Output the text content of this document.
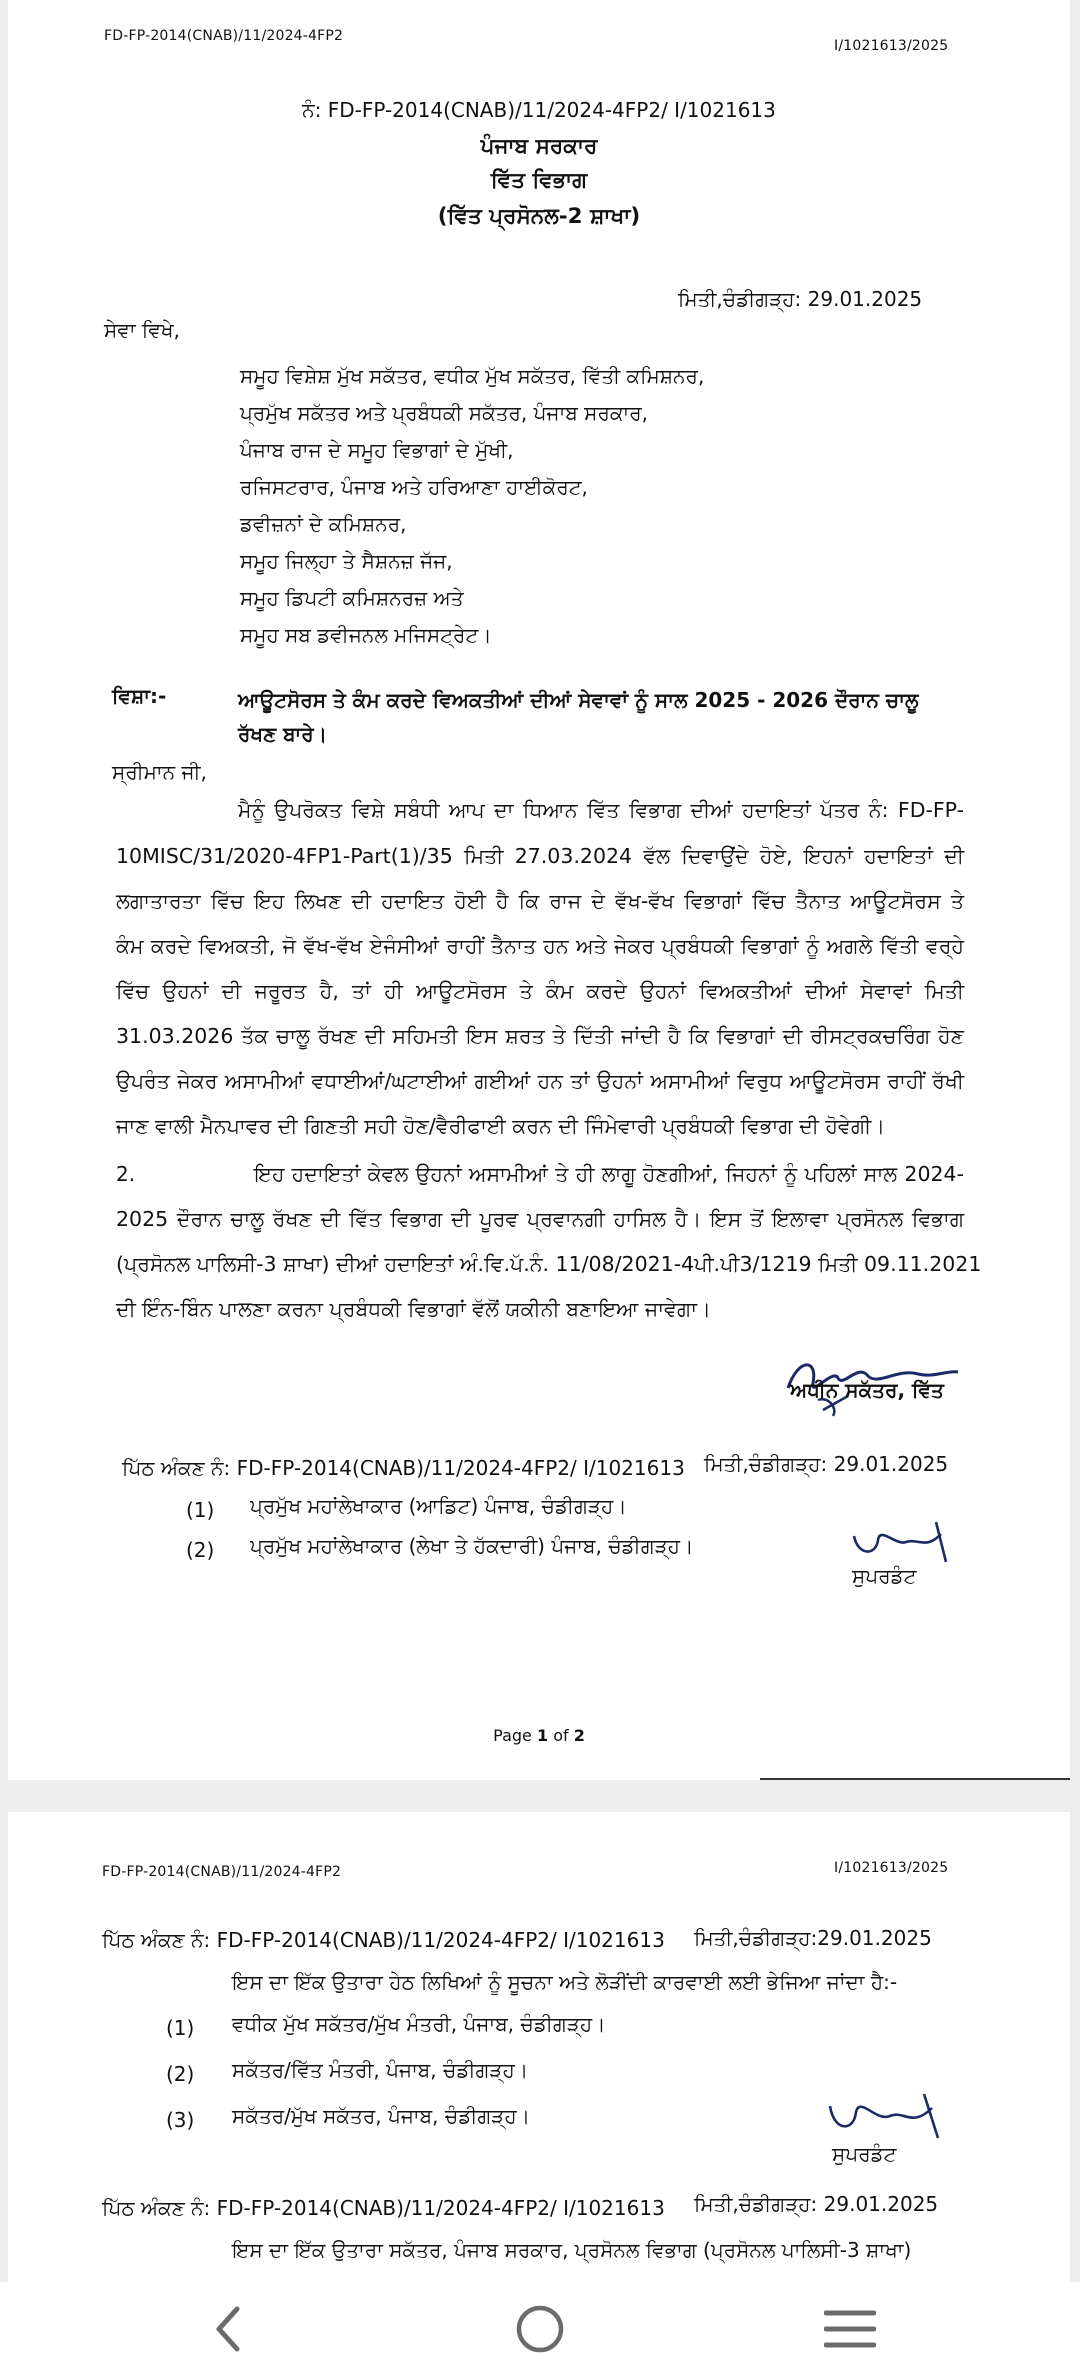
FD-FP-2014(CNAB)/11/2024-4FP2
I/1021613/2025
ਨੰ: FD-FP-2014(CNAB)/11/2024-4FP2/ I/1021613
ਪੰਜਾਬ ਸਰਕਾਰ
ਵਿੱਤ ਵਿਭਾਗ
(ਵਿੱਤ ਪ੍ਰਸੋਨਲ-2 ਸ਼ਾਖਾ)
ਮਿਤੀ,ਚੰਡੀਗੜ੍ਹ: 29.01.2025
ਸੇਵਾ ਵਿਖੇ,
ਸਮੂਹ ਵਿਸ਼ੇਸ਼ ਮੁੱਖ ਸਕੱਤਰ, ਵਧੀਕ ਮੁੱਖ ਸਕੱਤਰ, ਵਿੱਤੀ ਕਮਿਸ਼ਨਰ,
ਪ੍ਰਮੁੱਖ ਸਕੱਤਰ ਅਤੇ ਪ੍ਰਬੰਧਕੀ ਸਕੱਤਰ, ਪੰਜਾਬ ਸਰਕਾਰ,
ਪੰਜਾਬ ਰਾਜ ਦੇ ਸਮੂਹ ਵਿਭਾਗਾਂ ਦੇ ਮੁੱਖੀ,
ਰਜਿਸਟਰਾਰ, ਪੰਜਾਬ ਅਤੇ ਹਰਿਆਣਾ ਹਾਈਕੋਰਟ,
ਡਵੀਜ਼ਨਾਂ ਦੇ ਕਮਿਸ਼ਨਰ,
ਸਮੂਹ ਜਿਲ੍ਹਾ ਤੇ ਸੈਸ਼ਨਜ਼ ਜੱਜ,
ਸਮੂਹ ਡਿਪਟੀ ਕਮਿਸ਼ਨਰਜ਼ ਅਤੇ
ਸਮੂਹ ਸਬ ਡਵੀਜਨਲ ਮਜਿਸਟ੍ਰੇਟ।
ਵਿਸ਼ਾ:-	ਆਊਟਸੋਰਸ ਤੇ ਕੰਮ ਕਰਦੇ ਵਿਅਕਤੀਆਂ ਦੀਆਂ ਸੇਵਾਵਾਂ ਨੂੰ ਸਾਲ 2025 - 2026 ਦੌਰਾਨ ਚਾਲੂ
ਰੱਖਣ ਬਾਰੇ।
ਸ੍ਰੀਮਾਨ ਜੀ,
ਮੈਨੂੰ ਉਪਰੋਕਤ ਵਿਸ਼ੇ ਸਬੰਧੀ ਆਪ ਦਾ ਧਿਆਨ ਵਿੱਤ ਵਿਭਾਗ ਦੀਆਂ ਹਦਾਇਤਾਂ ਪੱਤਰ ਨੰ: FD-FP-
10MISC/31/2020-4FP1-Part(1)/35 ਮਿਤੀ 27.03.2024 ਵੱਲ ਦਿਵਾਉਂਦੇ ਹੋਏ, ਇਹਨਾਂ ਹਦਾਇਤਾਂ ਦੀ
ਲਗਾਤਾਰਤਾ ਵਿੱਚ ਇਹ ਲਿਖਣ ਦੀ ਹਦਾਇਤ ਹੋਈ ਹੈ ਕਿ ਰਾਜ ਦੇ ਵੱਖ-ਵੱਖ ਵਿਭਾਗਾਂ ਵਿੱਚ ਤੈਨਾਤ ਆਊਟਸੋਰਸ ਤੇ
ਕੰਮ ਕਰਦੇ ਵਿਅਕਤੀ, ਜੋ ਵੱਖ-ਵੱਖ ਏਜੰਸੀਆਂ ਰਾਹੀਂ ਤੈਨਾਤ ਹਨ ਅਤੇ ਜੇਕਰ ਪ੍ਰਬੰਧਕੀ ਵਿਭਾਗਾਂ ਨੂੰ ਅਗਲੇ ਵਿੱਤੀ ਵਰ੍ਹੇ
ਵਿੱਚ ਉਹਨਾਂ ਦੀ ਜਰੂਰਤ ਹੈ, ਤਾਂ ਹੀ ਆਊਟਸੋਰਸ ਤੇ ਕੰਮ ਕਰਦੇ ਉਹਨਾਂ ਵਿਅਕਤੀਆਂ ਦੀਆਂ ਸੇਵਾਵਾਂ ਮਿਤੀ
31.03.2026 ਤੱਕ ਚਾਲੂ ਰੱਖਣ ਦੀ ਸਹਿਮਤੀ ਇਸ ਸ਼ਰਤ ਤੇ ਦਿੱਤੀ ਜਾਂਦੀ ਹੈ ਕਿ ਵਿਭਾਗਾਂ ਦੀ ਰੀਸਟ੍ਰਕਚਰਿੰਗ ਹੋਣ
ਉਪਰੰਤ ਜੇਕਰ ਅਸਾਮੀਆਂ ਵਧਾਈਆਂ/ਘਟਾਈਆਂ ਗਈਆਂ ਹਨ ਤਾਂ ਉਹਨਾਂ ਅਸਾਮੀਆਂ ਵਿਰੁਧ ਆਊਟਸੋਰਸ ਰਾਹੀਂ ਰੱਖੀ
ਜਾਣ ਵਾਲੀ ਮੈਨਪਾਵਰ ਦੀ ਗਿਣਤੀ ਸਹੀ ਹੋਣ/ਵੈਰੀਫਾਈ ਕਰਨ ਦੀ ਜਿੰਮੇਵਾਰੀ ਪ੍ਰਬੰਧਕੀ ਵਿਭਾਗ ਦੀ ਹੋਵੇਗੀ।
2.	ਇਹ ਹਦਾਇਤਾਂ ਕੇਵਲ ਉਹਨਾਂ ਅਸਾਮੀਆਂ ਤੇ ਹੀ ਲਾਗੂ ਹੋਣਗੀਆਂ, ਜਿਹਨਾਂ ਨੂੰ ਪਹਿਲਾਂ ਸਾਲ 2024-
2025 ਦੌਰਾਨ ਚਾਲੂ ਰੱਖਣ ਦੀ ਵਿੱਤ ਵਿਭਾਗ ਦੀ ਪੂਰਵ ਪ੍ਰਵਾਨਗੀ ਹਾਸਿਲ ਹੈ। ਇਸ ਤੋਂ ਇਲਾਵਾ ਪ੍ਰਸੋਨਲ ਵਿਭਾਗ
(ਪ੍ਰਸੋਨਲ ਪਾਲਿਸੀ-3 ਸ਼ਾਖਾ) ਦੀਆਂ ਹਦਾਇਤਾਂ ਅੰ.ਵਿ.ਪੱ.ਨੰ. 11/08/2021-4ਪੀ.ਪੀ3/1219 ਮਿਤੀ 09.11.2021
ਦੀ ਇੰਨ-ਬਿੰਨ ਪਾਲਣਾ ਕਰਨਾ ਪ੍ਰਬੰਧਕੀ ਵਿਭਾਗਾਂ ਵੱਲੋਂ ਯਕੀਨੀ ਬਣਾਇਆ ਜਾਵੇਗਾ।
ਅਧੀਨ ਸਕੱਤਰ, ਵਿੱਤ
ਪਿੱਠ ਅੰਕਣ ਨੰ: FD-FP-2014(CNAB)/11/2024-4FP2/ I/1021613 ਮਿਤੀ,ਚੰਡੀਗੜ੍ਹ: 29.01.2025
(1) ਪ੍ਰਮੁੱਖ ਮਹਾਂਲੇਖਾਕਾਰ (ਆਡਿਟ) ਪੰਜਾਬ, ਚੰਡੀਗੜ੍ਹ।
(2) ਪ੍ਰਮੁੱਖ ਮਹਾਂਲੇਖਾਕਾਰ (ਲੇਖਾ ਤੇ ਹੱਕਦਾਰੀ) ਪੰਜਾਬ, ਚੰਡੀਗੜ੍ਹ।
ਸੁਪਰਡੰਟ
Page 1 of 2
FD-FP-2014(CNAB)/11/2024-4FP2	I/1021613/2025
ਪਿੱਠ ਅੰਕਣ ਨੰ: FD-FP-2014(CNAB)/11/2024-4FP2/ I/1021613 ਮਿਤੀ,ਚੰਡੀਗੜ੍ਹ:29.01.2025
ਇਸ ਦਾ ਇੱਕ ਉਤਾਰਾ ਹੇਠ ਲਿਖਿਆਂ ਨੂੰ ਸੂਚਨਾ ਅਤੇ ਲੋੜੀਂਦੀ ਕਾਰਵਾਈ ਲਈ ਭੇਜਿਆ ਜਾਂਦਾ ਹੈ:-
(1) ਵਧੀਕ ਮੁੱਖ ਸਕੱਤਰ/ਮੁੱਖ ਮੰਤਰੀ, ਪੰਜਾਬ, ਚੰਡੀਗੜ੍ਹ।
(2) ਸਕੱਤਰ/ਵਿੱਤ ਮੰਤਰੀ, ਪੰਜਾਬ, ਚੰਡੀਗੜ੍ਹ।
(3) ਸਕੱਤਰ/ਮੁੱਖ ਸਕੱਤਰ, ਪੰਜਾਬ, ਚੰਡੀਗੜ੍ਹ।
ਸੁਪਰਡੰਟ
ਪਿੱਠ ਅੰਕਣ ਨੰ: FD-FP-2014(CNAB)/11/2024-4FP2/ I/1021613 ਮਿਤੀ,ਚੰਡੀਗੜ੍ਹ: 29.01.2025
ਇਸ ਦਾ ਇੱਕ ਉਤਾਰਾ ਸਕੱਤਰ, ਪੰਜਾਬ ਸਰਕਾਰ, ਪ੍ਰਸੋਨਲ ਵਿਭਾਗ (ਪ੍ਰਸੋਨਲ ਪਾਲਿਸੀ-3 ਸ਼ਾਖਾ)
